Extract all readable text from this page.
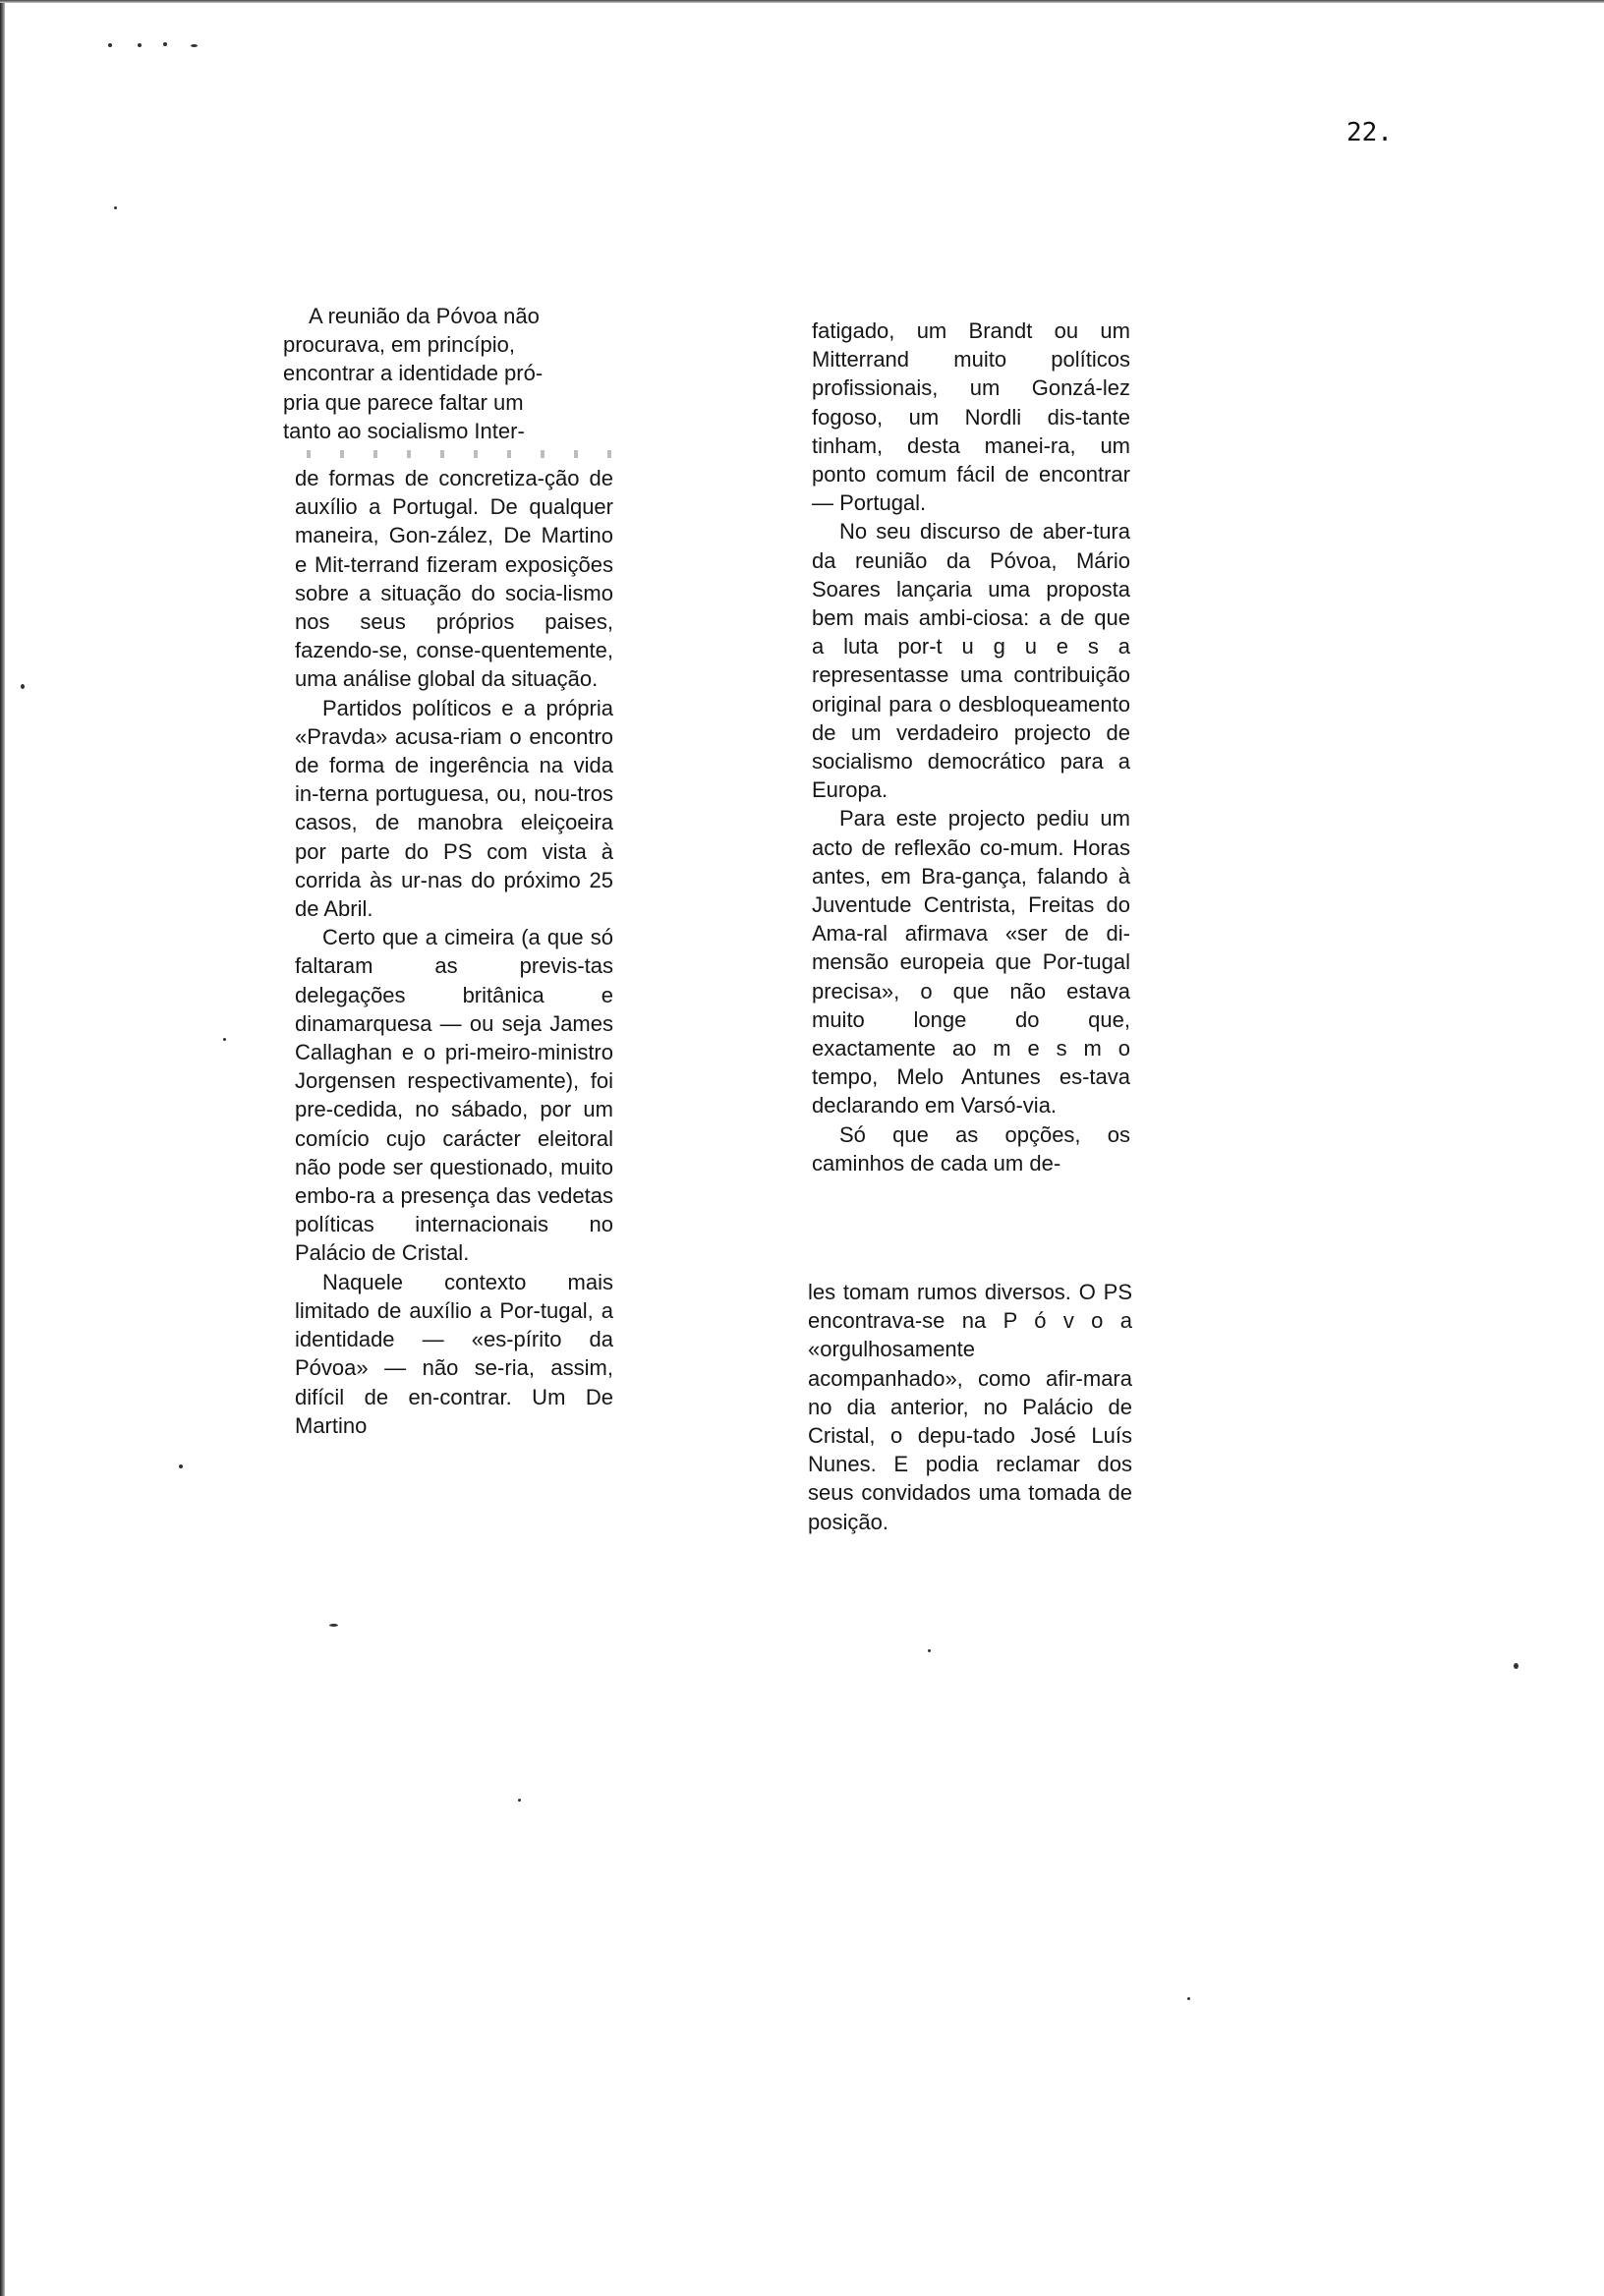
22.
A reunião da Póvoa não
procurava, em princípio,
encontrar a identidade pró-
pria que parece faltar um
tanto ao socialismo Inter-

de formas de concretiza-ção de auxílio a Portugal. De qualquer maneira, Gon-zález, De Martino e Mit-terrand fizeram exposições sobre a situação do socia-lismo nos seus próprios paises, fazendo-se, conse-quentemente, uma análise global da situação.

Partidos políticos e a própria «Pravda» acusa-riam o encontro de forma de ingerência na vida in-terna portuguesa, ou, nou-tros casos, de manobra eleiçoeira por parte do PS com vista à corrida às ur-nas do próximo 25 de Abril.

Certo que a cimeira (a que só faltaram as previs-tas delegações britânica e dinamarquesa — ou seja James Callaghan e o pri-meiro-ministro Jorgensen respectivamente), foi pre-cedida, no sábado, por um comício cujo carácter eleitoral não pode ser questionado, muito embo-ra a presença das vedetas políticas internacionais no Palácio de Cristal.

Naquele contexto mais limitado de auxílio a Por-tugal, a identidade — «es-pírito da Póvoa» — não se-ria, assim, difícil de en-contrar. Um De Martino

fatigado, um Brandt ou um Mitterrand muito políticos profissionais, um Gonzá-lez fogoso, um Nordli dis-tante tinham, desta manei-ra, um ponto comum fácil de encontrar — Portugal.

No seu discurso de aber-tura da reunião da Póvoa, Mário Soares lançaria uma proposta bem mais ambi-ciosa: a de que a luta por-t u g u e s a representasse uma contribuição original para o desbloqueamento de um verdadeiro projecto de socialismo democrático para a Europa.

Para este projecto pediu um acto de reflexão co-mum. Horas antes, em Bra-gança, falando à Juventude Centrista, Freitas do Ama-ral afirmava «ser de di-mensão europeia que Por-tugal precisa», o que não estava muito longe do que, exactamente ao m e s m o tempo, Melo Antunes es-tava declarando em Varsó-via.

Só que as opções, os caminhos de cada um de-

les tomam rumos diversos. O PS encontrava-se na P ó v o a «orgulhosamente acompanhado», como afir-mara no dia anterior, no Palácio de Cristal, o depu-tado José Luís Nunes. E podia reclamar dos seus convidados uma tomada de posição.
